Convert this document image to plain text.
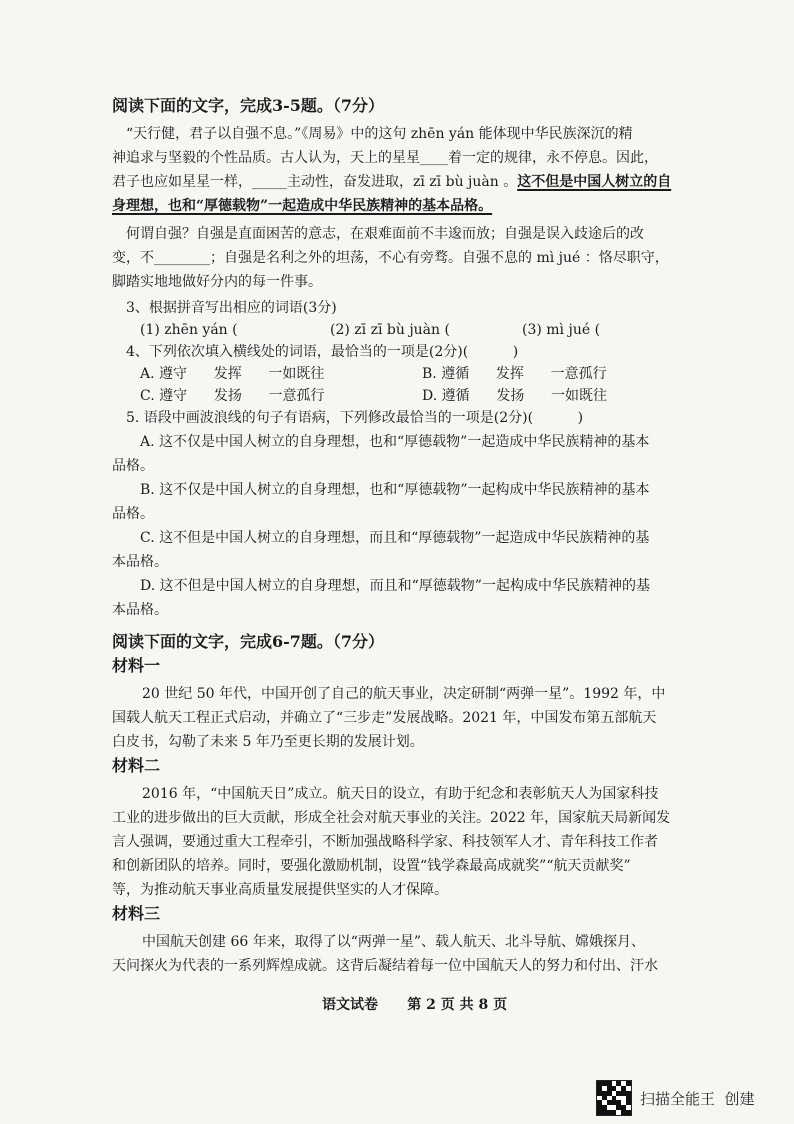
阅读下面的文字，完成3-5题。（7分）
“天行健，君子以自强不息。”《周易》中的这句 zhēn yán 能体现中华民族深沉的精
神追求与坚毅的个性品质。古人认为，天上的星星____着一定的规律，永不停息。因此，
君子也应如星星一样，_____主动性，奋发进取，zī zī bù juàn 。这不但是中国人树立的自
身理想，也和“厚德载物”一起造成中华民族精神的基本品格。
何谓自强？自强是直面困苦的意志，在艰难面前不丰逡而放；自强是误入歧途后的改
变，不________；自强是名利之外的坦荡，不心有旁骛。自强不息的 mì jué ：恪尽职守，
脚踏实地地做好分内的每一件事。
3、根据拼音写出相应的词语(3分)
(1) zhēn yán (	(2) zī zī bù juàn (	(3) mì jué (
4、下列依次填入横线处的词语，最恰当的一项是(2分)(          )
A. 遵守      发挥      一如既往	B. 遵循      发挥      一意孤行
C. 遵守      发扬      一意孤行	D. 遵循      发扬      一如既往
5. 语段中画波浪线的句子有语病，下列修改最恰当的一项是(2分)(          )
A. 这不仅是中国人树立的自身理想，也和“厚德载物”一起造成中华民族精神的基本
品格。
B. 这不仅是中国人树立的自身理想，也和“厚德载物”一起构成中华民族精神的基本
品格。
C. 这不但是中国人树立的自身理想，而且和“厚德载物”一起造成中华民族精神的基
本品格。
D. 这不但是中国人树立的自身理想，而且和“厚德载物”一起构成中华民族精神的基
本品格。
阅读下面的文字，完成6-7题。（7分）
材料一
20 世纪 50 年代，中国开创了自己的航天事业，决定研制“两弹一星”。1992 年，中
国载人航天工程正式启动，并确立了“三步走”发展战略。2021 年，中国发布第五部航天
白皮书，勾勒了未来 5 年乃至更长期的发展计划。
材料二
2016 年，“中国航天日”成立。航天日的设立，有助于纪念和表彰航天人为国家科技
工业的进步做出的巨大贡献，形成全社会对航天事业的关注。2022 年，国家航天局新闻发
言人强调，要通过重大工程牵引，不断加强战略科学家、科技领军人才、青年科技工作者
和创新团队的培养。同时，要强化激励机制，设置“钱学森最高成就奖”“航天贡献奖”
等，为推动航天事业高质量发展提供坚实的人才保障。
材料三
中国航天创建 66 年来，取得了以“两弹一星”、载人航天、北斗导航、嫦娥探月、
天问探火为代表的一系列辉煌成就。这背后凝结着每一位中国航天人的努力和付出、汗水
语文试卷 第 2 页 共 8 页
扫描全能王  创建
